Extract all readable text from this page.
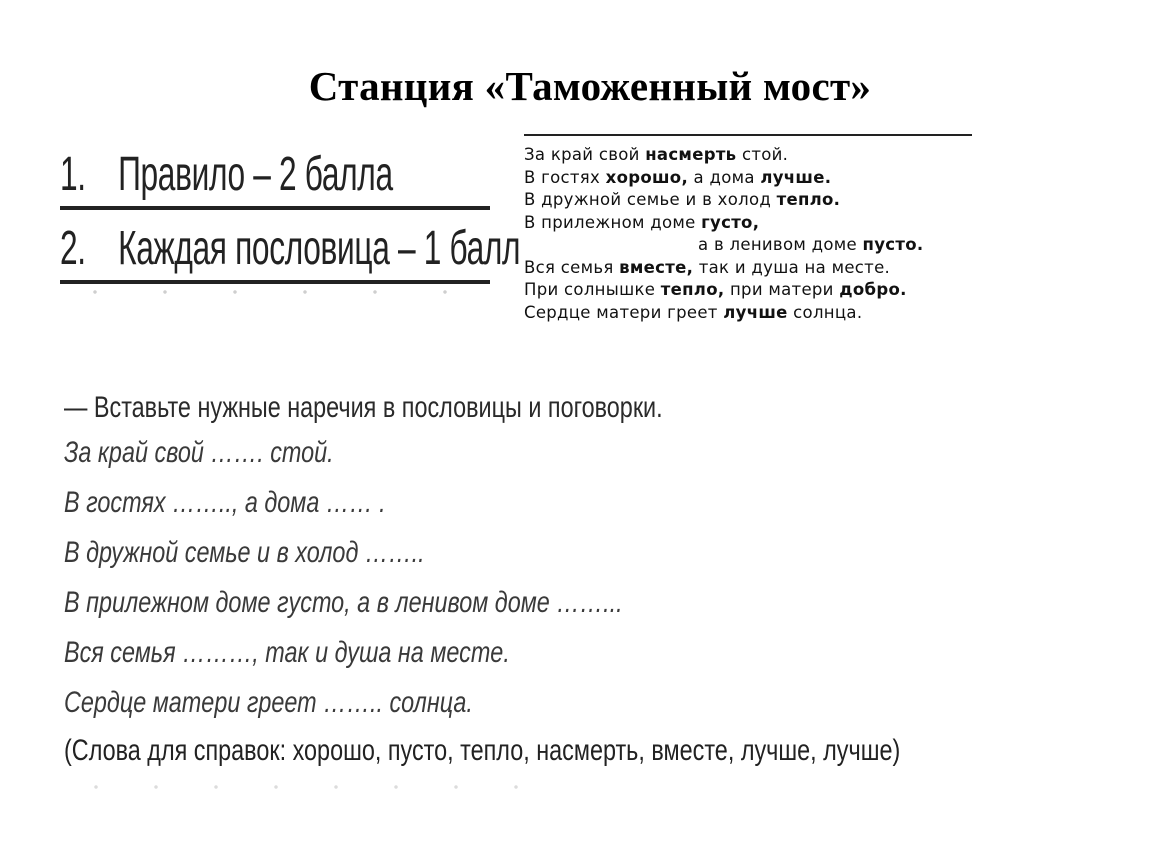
Станция «Таможенный мост»
1. Правило – 2 балла
2. Каждая пословица – 1 балл
За край свой насмерть стой.
В гостях хорошо, а дома лучше.
В дружной семье и в холод тепло.
В прилежном доме густо,
а в ленивом доме пусто.
Вся семья вместе, так и душа на месте.
При солнышке тепло, при матери добро.
Сердце матери греет лучше солнца.
— Вставьте нужные наречия в пословицы и поговорки.
За край свой ……. стой.
В гостях …….., а дома …… .
В дружной семье и в холод ……..
В прилежном доме густо, а в ленивом доме ……...
Вся семья ………, так и душа на месте.
Сердце матери греет …….. солнца.
(Слова для справок: хорошо, пусто, тепло, насмерть, вместе, лучше, лучше)
